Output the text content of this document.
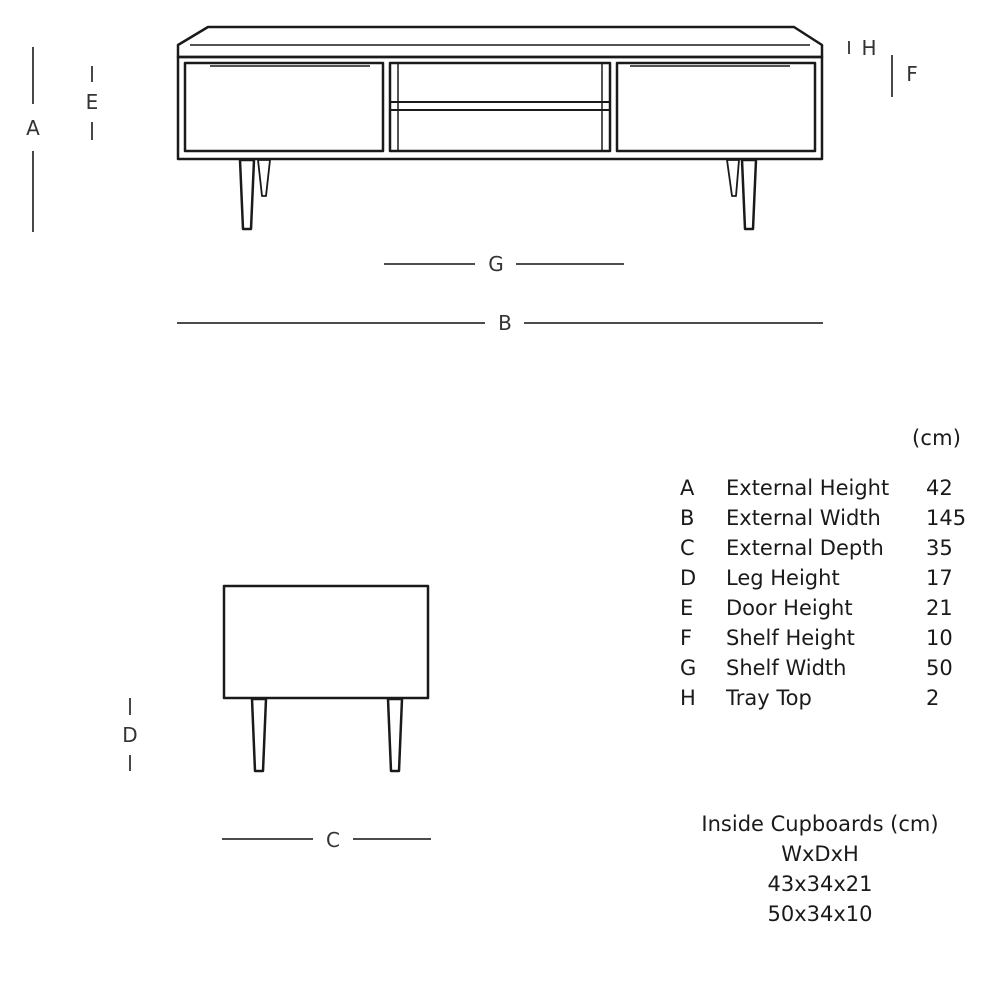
A
E
H
F
G
B
D
C
(cm)
A External Height 42
B External Width 145
C External Depth 35
D Leg Height	17
E Door Height	21
F Shelf Height	10
G Shelf Width	50
H Tray Top	2
Inside Cupboards (cm)
WxDxH
43x34x21
50x34x10
